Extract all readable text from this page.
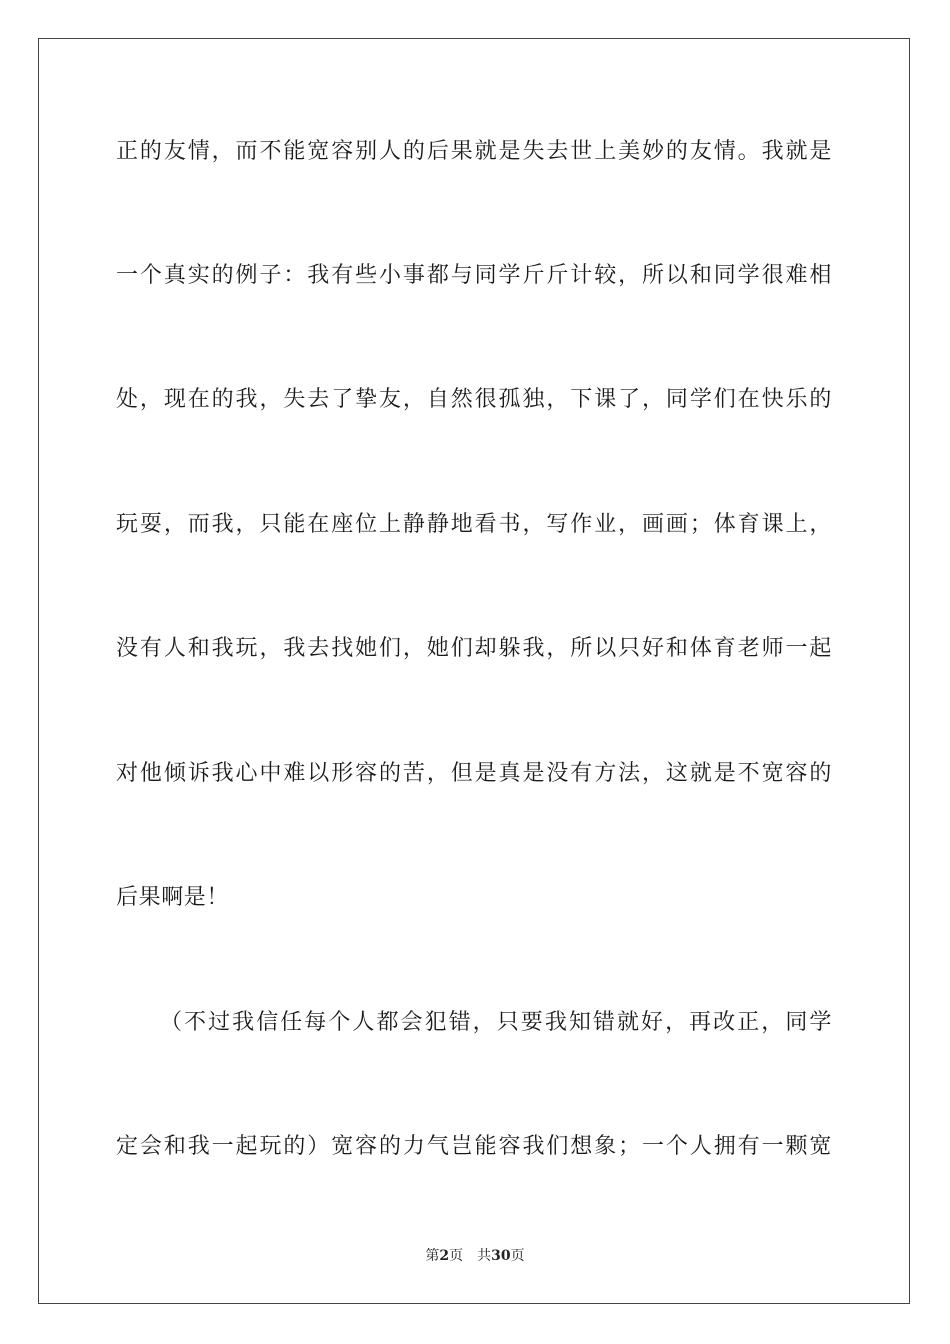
正的友情，而不能宽容别人的后果就是失去世上美妙的友情。我就是
一个真实的例子：我有些小事都与同学斤斤计较，所以和同学很难相
处，现在的我，失去了挚友，自然很孤独，下课了，同学们在快乐的
玩耍，而我，只能在座位上静静地看书，写作业，画画；体育课上，
没有人和我玩，我去找她们，她们却躲我，所以只好和体育老师一起
对他倾诉我心中难以形容的苦，但是真是没有方法，这就是不宽容的
后果啊是！
（不过我信任每个人都会犯错，只要我知错就好，再改正，同学
定会和我一起玩的）宽容的力气岂能容我们想象；一个人拥有一颗宽
第2页 共30页
